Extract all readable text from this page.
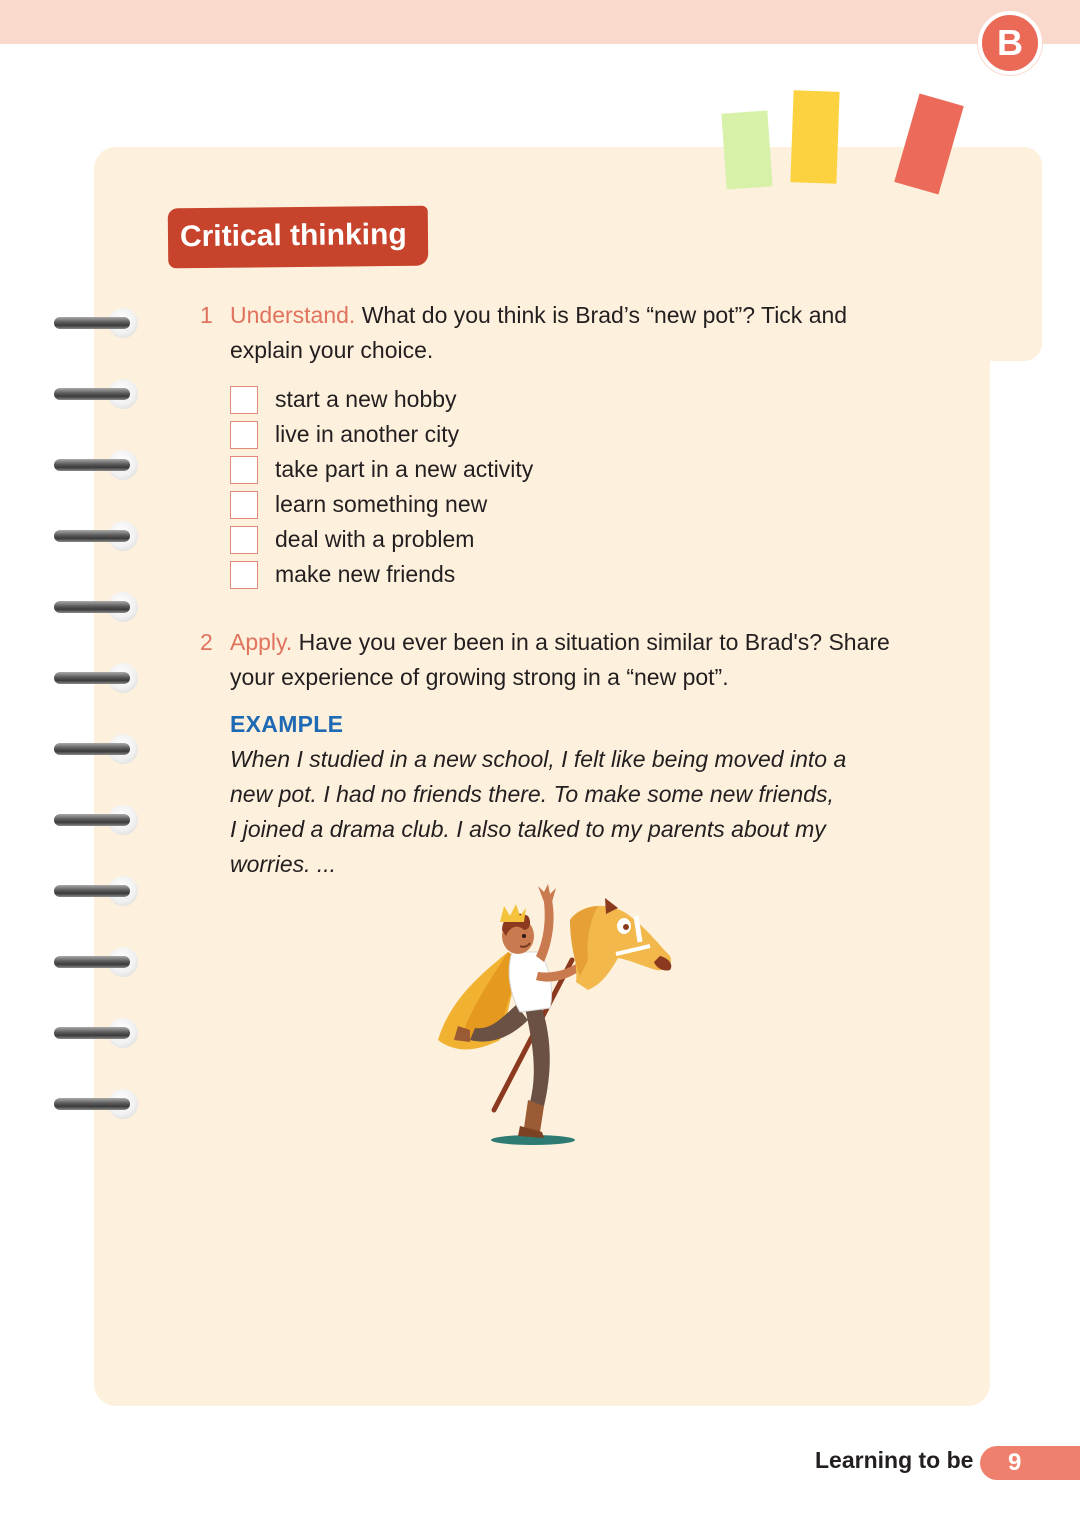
B
Critical thinking
1 Understand. What do you think is Brad’s “new pot”? Tick and explain your choice.
start a new hobby
live in another city
take part in a new activity
learn something new
deal with a problem
make new friends
2 Apply. Have you ever been in a situation similar to Brad's? Share your experience of growing strong in a “new pot”.
EXAMPLE
When I studied in a new school, I felt like being moved into a
new pot. I had no friends there. To make some new friends,
I joined a drama club. I also talked to my parents about my
worries. ...
Learning to be 9
